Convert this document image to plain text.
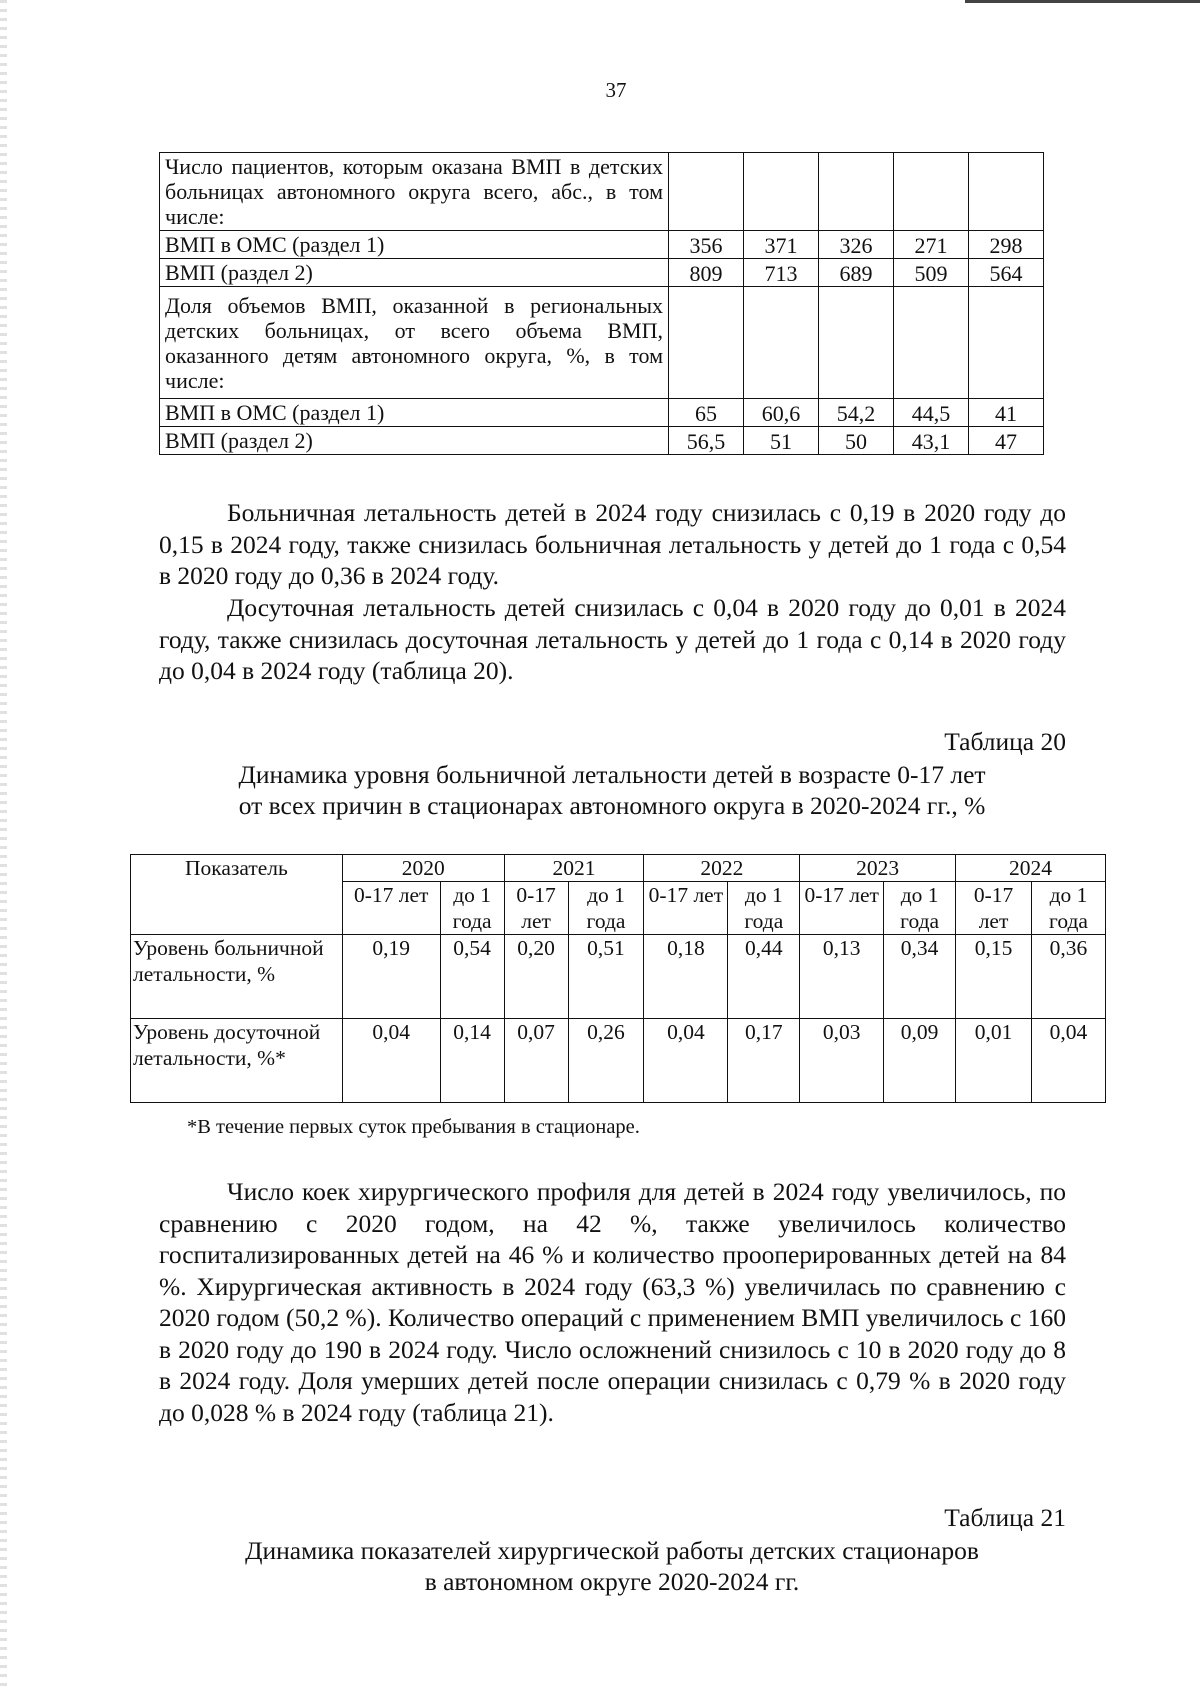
37
Число пациентов, которым оказана ВМП в детских больницах автономного округа всего, абс., в том числе:					
ВМП в ОМС (раздел 1)	356	371	326	271	298
ВМП (раздел 2)	809	713	689	509	564
Доля объемов ВМП, оказанной в региональных детских больницах, от всего объема ВМП, оказанного детям автономного округа, %, в том числе:					
ВМП в ОМС (раздел 1)	65	60,6	54,2	44,5	41
ВМП (раздел 2)	56,5	51	50	43,1	47

Больничная летальность детей в 2024 году снизилась с 0,19 в 2020 году до 0,15 в 2024 году, также снизилась больничная летальность у детей до 1 года с 0,54 в 2020 году до 0,36 в 2024 году.

Досуточная летальность детей снизилась с 0,04 в 2020 году до 0,01 в 2024 году, также снизилась досуточная летальность у детей до 1 года с 0,14 в 2020 году до 0,04 в 2024 году (таблица 20).

Таблица 20
Динамика уровня больничной летальности детей в возрасте 0-17 лет
от всех причин в стационарах автономного округа в 2020-2024 гг., %
Показатель	2020		2021		2022		2023		2024	
	0-17 лет	до 1 года	0-17 лет	до 1 года	0-17 лет	до 1 года	0-17 лет	до 1 года	0-17 лет	до 1 года
Уровень больничной летальности, %	0,19	0,54	0,20	0,51	0,18	0,44	0,13	0,34	0,15	0,36
Уровень досуточной летальности, %*	0,04	0,14	0,07	0,26	0,04	0,17	0,03	0,09	0,01	0,04
*В течение первых суток пребывания в стационаре.

Число коек хирургического профиля для детей в 2024 году увеличилось, по сравнению с 2020 годом, на 42 %, также увеличилось количество госпитализированных детей на 46 % и количество прооперированных детей на 84 %. Хирургическая активность в 2024 году (63,3 %) увеличилась по сравнению с 2020 годом (50,2 %). Количество операций с применением ВМП увеличилось с 160 в 2020 году до 190 в 2024 году. Число осложнений снизилось с 10 в 2020 году до 8 в 2024 году. Доля умерших детей после операции снизилась с 0,79 % в 2020 году до 0,028 % в 2024 году (таблица 21).

Таблица 21
Динамика показателей хирургической работы детских стационаров
в автономном округе 2020-2024 гг.
